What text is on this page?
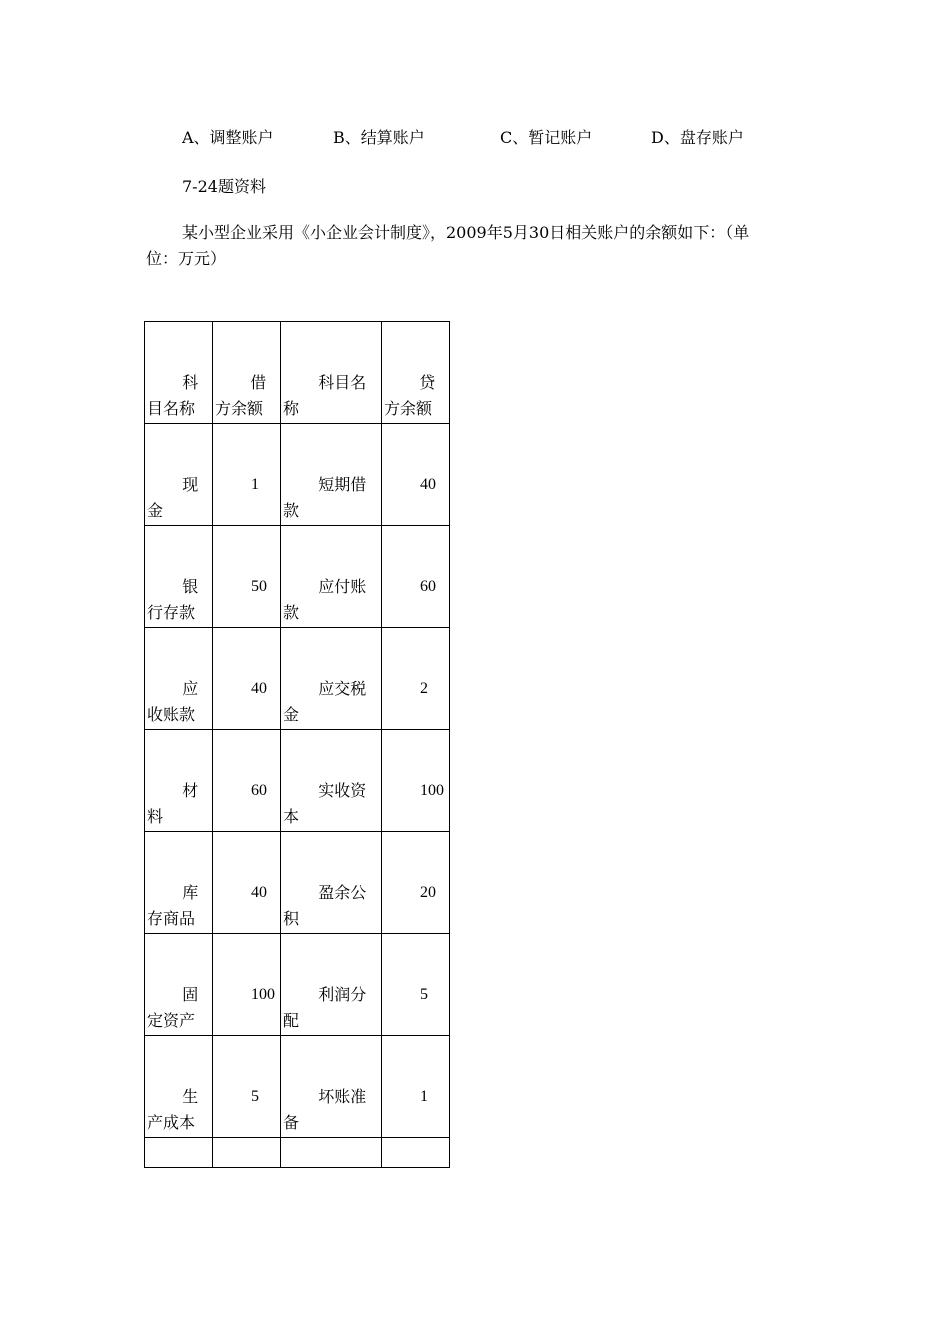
A、调整账户	B、结算账户	C、暂记账户	D、盘存账户
7-24题资料
某小型企业采用《小企业会计制度》，2009年5月30日相关账户的余额如下：（单
位：万元）
科目名称	借方余额	科目名称	贷方余额

现金	1	短期借款	40

银行存款	50	应付账款	60

应收账款	40	应交税金	2

材料	60	实收资本	100

库存商品	40	盈余公积	20

固定资产	100	利润分配	5

生产成本	5	坏账准备	1
